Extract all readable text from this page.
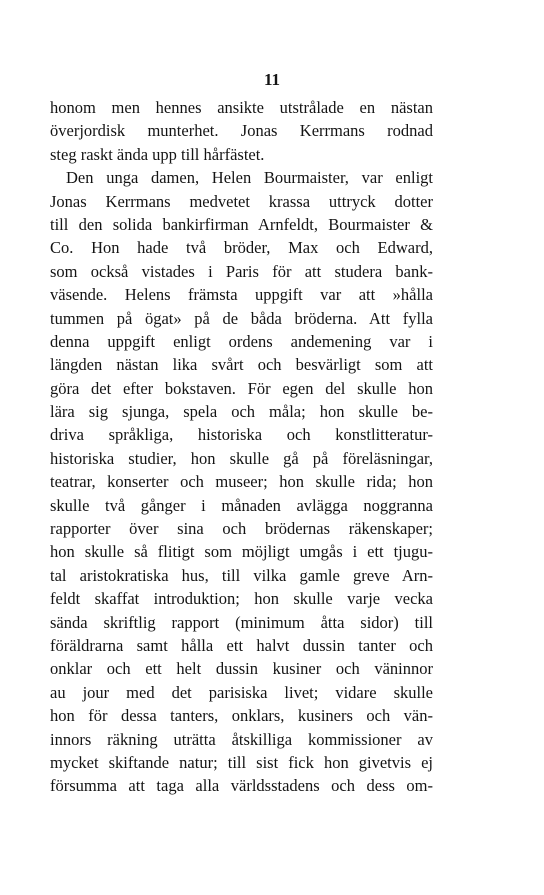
11
honom men hennes ansikte utstrålade en nästan
överjordisk munterhet. Jonas Kerrmans rodnad
steg raskt ända upp till hårfästet.
Den unga damen, Helen Bourmaister, var enligt
Jonas Kerrmans medvetet krassa uttryck dotter
till den solida bankirfirman Arnfeldt, Bourmaister &
Co. Hon hade två bröder, Max och Edward,
som också vistades i Paris för att studera bank-
väsende. Helens främsta uppgift var att »hålla
tummen på ögat» på de båda bröderna. Att fylla
denna uppgift enligt ordens andemening var i
längden nästan lika svårt och besvärligt som att
göra det efter bokstaven. För egen del skulle hon
lära sig sjunga, spela och måla; hon skulle be-
driva språkliga, historiska och konstlitteratur-
historiska studier, hon skulle gå på föreläsningar,
teatrar, konserter och museer; hon skulle rida; hon
skulle två gånger i månaden avlägga noggranna
rapporter över sina och brödernas räkenskaper;
hon skulle så flitigt som möjligt umgås i ett tjugu-
tal aristokratiska hus, till vilka gamle greve Arn-
feldt skaffat introduktion; hon skulle varje vecka
sända skriftlig rapport (minimum åtta sidor) till
föräldrarna samt hålla ett halvt dussin tanter och
onklar och ett helt dussin kusiner och väninnor
au jour med det parisiska livet; vidare skulle
hon för dessa tanters, onklars, kusiners och vän-
innors räkning uträtta åtskilliga kommissioner av
mycket skiftande natur; till sist fick hon givetvis ej
försumma att taga alla världsstadens och dess om-
